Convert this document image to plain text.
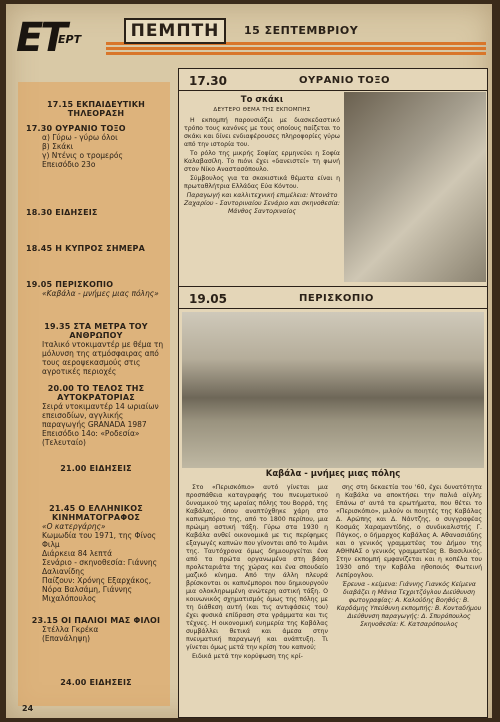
ET
ΕΡΤ	ΠΕΜΠΤΗ	15 ΣΕΠΤΕΜΒΡΙΟΥ
17.15 ΕΚΠΑΙΔΕΥΤΙΚΗ ΤΗΛΕΟΡΑΣΗ
17.30 ΟΥΡΑΝΙΟ ΤΟΞΟ
α) Γύρω - γύρω όλοι
β) Σκάκι
γ) Ντένις ο τρομερός
Επεισόδιο 23ο
18.30 ΕΙΔΗΣΕΙΣ
18.45 Η ΚΥΠΡΟΣ ΣΗΜΕΡΑ
19.05 ΠΕΡΙΣΚΟΠΙΟ
«Καβάλα - μνήμες μιας πόλης»
19.35 ΣΤΑ ΜΕΤΡΑ ΤΟΥ ΑΝΘΡΩΠΟΥ
Ιταλικό ντοκιμαντέρ με θέμα τη μόλυνση της ατμόσφαιρας από τους αεροψεκασμούς στις αγροτικές περιοχές
20.00 ΤΟ ΤΕΛΟΣ ΤΗΣ ΑΥΤΟΚΡΑΤΟΡΙΑΣ
Σειρά ντοκιμαντέρ 14 ωριαίων επεισοδίων, αγγλικής παραγωγής GRANADA 1987
Επεισόδιο 14ο: «Ροδεσία» (Τελευταίο)
21.00 ΕΙΔΗΣΕΙΣ
21.45 Ο ΕΛΛΗΝΙΚΟΣ ΚΙΝΗΜΑΤΟΓΡΑΦΟΣ
«Ο κατεργάρης»
Κωμωδία του 1971, της Φίνος Φιλμ
Διάρκεια 84 λεπτά
Σενάριο - σκηνοθεσία: Γιάννης Δαλιανίδης
Παίζουν: Χρόνης Εξαρχάκος, Νόρα Βαλσάμη, Γιάννης Μιχαλόπουλος
23.15 ΟΙ ΠΑΛΙΟΙ ΜΑΣ ΦΙΛΟΙ
Στέλλα Γκρέκα
(Επανάληψη)
24.00 ΕΙΔΗΣΕΙΣ
17.30	ΟΥΡΑΝΙΟ ΤΟΞΟ
Το σκάκι
ΔΕΥΤΕΡΟ ΘΕΜΑ ΤΗΣ ΕΚΠΟΜΠΗΣ

Η εκπομπή παρουσιάζει με διασκεδαστικό τρόπο τους κανόνες με τους οποίους παίζεται το σκάκι και δίνει ενδιαφέρουσες πληροφορίες γύρω από την ιστορία του.

Το ρόλο της μικρής Σοφίας ερμηνεύει η Σοφία Καλαβασίλη. Το πιόνι έχει «δανειστεί» τη φωνή στον Νίκο Αναστασόπουλο.

Σύμβουλος για τα σκακιστικά θέματα είναι η πρωταθλήτρια Ελλάδας Εύα Κόντου.

Παραγωγή και καλλιτεχνική επιμέλεια: Ντονάτο Ζαχαρίου - Σαντοριναίου Σενάριο και σκηνοθεσία: Μάνθος Σαντοριναίος

19.05	ΠΕΡΙΣΚΟΠΙΟ
Καβάλα - μνήμες μιας πόλης

Στο «Περισκόπιο» αυτό γίνεται μια προσπάθεια καταγραφής του πνευματικού δυναμικού της ωραίας πόλης του Βορρά, της Καβάλας, όπου αναπτύχθηκε χάρη στο καπνεμπόριο της, από το 1800 περίπου, μια πρώιμη αστική τάξη. Γύρω στα 1930 η Καβάλα ανθεί οικονομικά με τις περίφημες εξαγωγές καπνών που γίνονται από το λιμάνι της. Ταυτόχρονα όμως δημιουργείται ένα από τα πρώτα οργανωμένα στη βάση προλεταριάτα της χώρας και ένα σπουδαίο μαζικό κίνημα. Από την άλλη πλευρά βρίσκονται οι καπνέμποροι που δημιουργούν μια ολοκληρωμένη ανώτερη αστική τάξη. Ο κοινωνικός σχηματισμός όμως της πόλης με τη διάθεση αυτή (και τις αντιφάσεις του) έχει φυσικά επίδραση στα γράμματα και τις τέχνες. Η οικονομική ευημερία της Καβάλας συμβάλλει θετικά και άμεσα στην πνευματική παραγωγή και ανάπτυξη. Τι γίνεται όμως μετά την κρίση του καπνού;

Ειδικά μετά την κορύφωση της κρί-

σης στη δεκαετία του '60, έχει δυνατότητα η Καβάλα να αποκτήσει την παλιά αίγλη; Επάνω σ' αυτά τα ερωτήματα, που θέτει το «Περισκόπιο», μιλούν οι ποιητές της Καβάλας Δ. Αρώπης και Δ. Νάντζης, ο συγγραφέας Κοσμάς Χαραμαντίδης, ο συνδικαλιστής Γ. Πάγκος, ο δήμαρχος Καβάλας Α. Αθανασιάδης και ο γενικός γραμματέας του Δήμου της ΑΘΗΝΑΣ ο γενικός γραμματέας Β. Βασιλικός. Στην εκπομπή εμφανίζεται και η κοπέλα του 1930 από την Καβάλα ηθοποιός Φωτεινή Λεπίρογλου.

Έρευνα - κείμενα: Γιάννης Γιανκός Κείμενα διαβάζει η Μάνια Τεχριτζόγλου Διεύθυνση φωτογραφίας: Α. Καλούδης Βοηθός: Β. Καρδάμης Υπεύθυνη εκπομπής: Β. Κονταδήμου Διεύθυνση παραγωγής: Δ. Σπυρόπουλος Σκηνοθεσία: Κ. Κατσαρόπουλος

24
